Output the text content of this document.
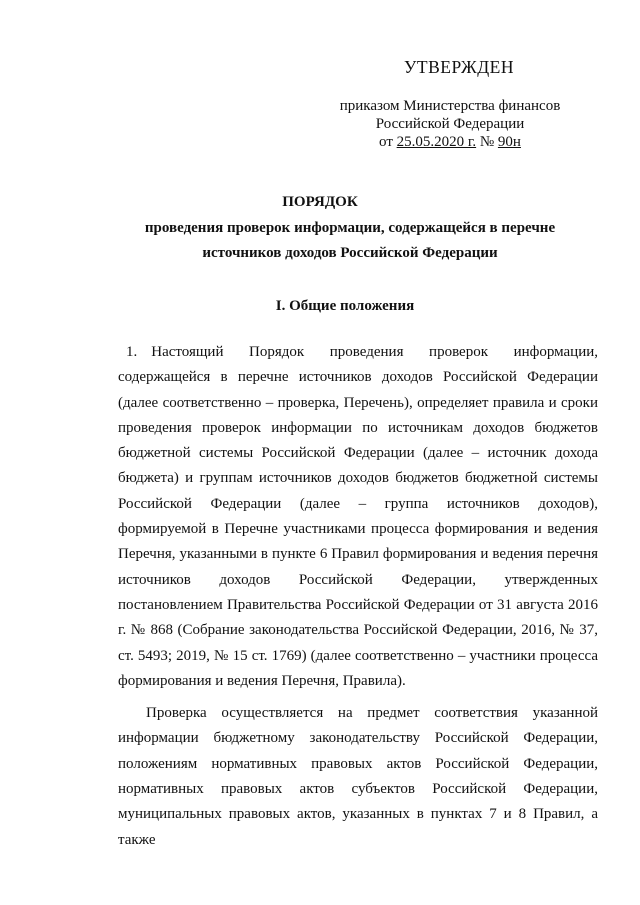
УТВЕРЖДЕН
приказом Министерства финансов
Российской Федерации
от 25.05.2020 г. № 90н
ПОРЯДОК
проведения проверок информации, содержащейся в перечне
источников доходов Российской Федерации
I. Общие положения

1. Настоящий Порядок проведения проверок информации, содержащейся в перечне источников доходов Российской Федерации (далее соответственно – проверка, Перечень), определяет правила и сроки проведения проверок информации по источникам доходов бюджетов бюджетной системы Российской Федерации (далее – источник дохода бюджета) и группам источников доходов бюджетов бюджетной системы Российской Федерации (далее – группа источников доходов), формируемой в Перечне участниками процесса формирования и ведения Перечня, указанными в пункте 6 Правил формирования и ведения перечня источников доходов Российской Федерации, утвержденных постановлением Правительства Российской Федерации от 31 августа 2016 г. № 868 (Собрание законодательства Российской Федерации, 2016, № 37, ст. 5493; 2019, № 15 ст. 1769) (далее соответственно – участники процесса формирования и ведения Перечня, Правила).

Проверка осуществляется на предмет соответствия указанной информации бюджетному законодательству Российской Федерации, положениям нормативных правовых актов Российской Федерации, нормативных правовых актов субъектов Российской Федерации, муниципальных правовых актов, указанных в пунктах 7 и 8 Правил, а также
